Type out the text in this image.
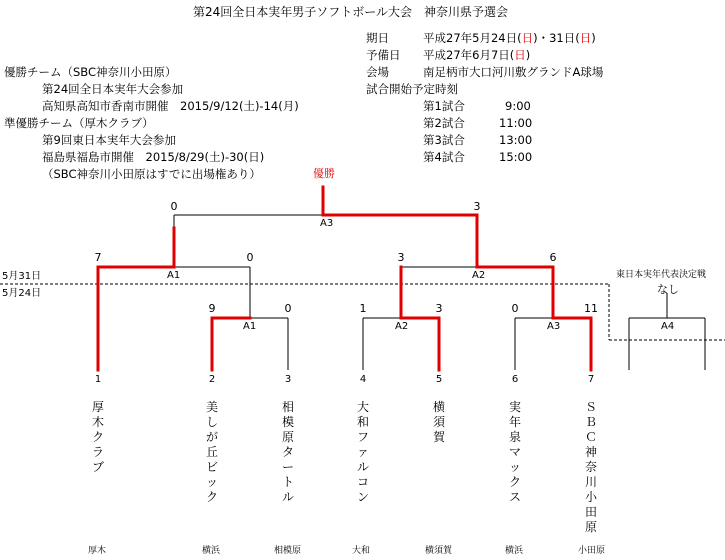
第24回全日本実年男子ソフトボール大会　神奈川県予選会
期日	平成27年5月24日(日)・31日(日)
予備日 平成27年6月7日(日)
会場	南足柄市大口河川敷グランドA球場
試合開始予定時刻
第1試合	9:00
第2試合	11:00
第3試合	13:00
第4試合	15:00
優勝チーム（SBC神奈川小田原）
第24回全日本実年大会参加
高知県高知市香南市開催　2015/9/12(土)-14(月)
準優勝チーム（厚木クラブ）
第9回東日本実年大会参加
福島県福島市開催　2015/8/29(土)-30(日)
（SBC神奈川小田原はすでに出場権あり）	優勝
5月31日
5月24日
東日本実年代表決定戦
なし
0	3
A3
7	0
A1
3	6
A2
9	0
A1
1	3
A2
0	11
A3	A4
1	2	3	4	5	6	7
厚
木
ク
ラ
ブ
美
し
が
丘
ビ
ッ
ク
相
模
原
タ
ー
ト
ル
大
和
フ
ァ
ル
コ
ン
横
須
賀
実
年
泉
マ
ッ
ク
ス
Ｓ
Ｂ
Ｃ
神
奈
川
小
田
原
厚木	横浜	相模原	大和	横須賀	横浜	小田原
